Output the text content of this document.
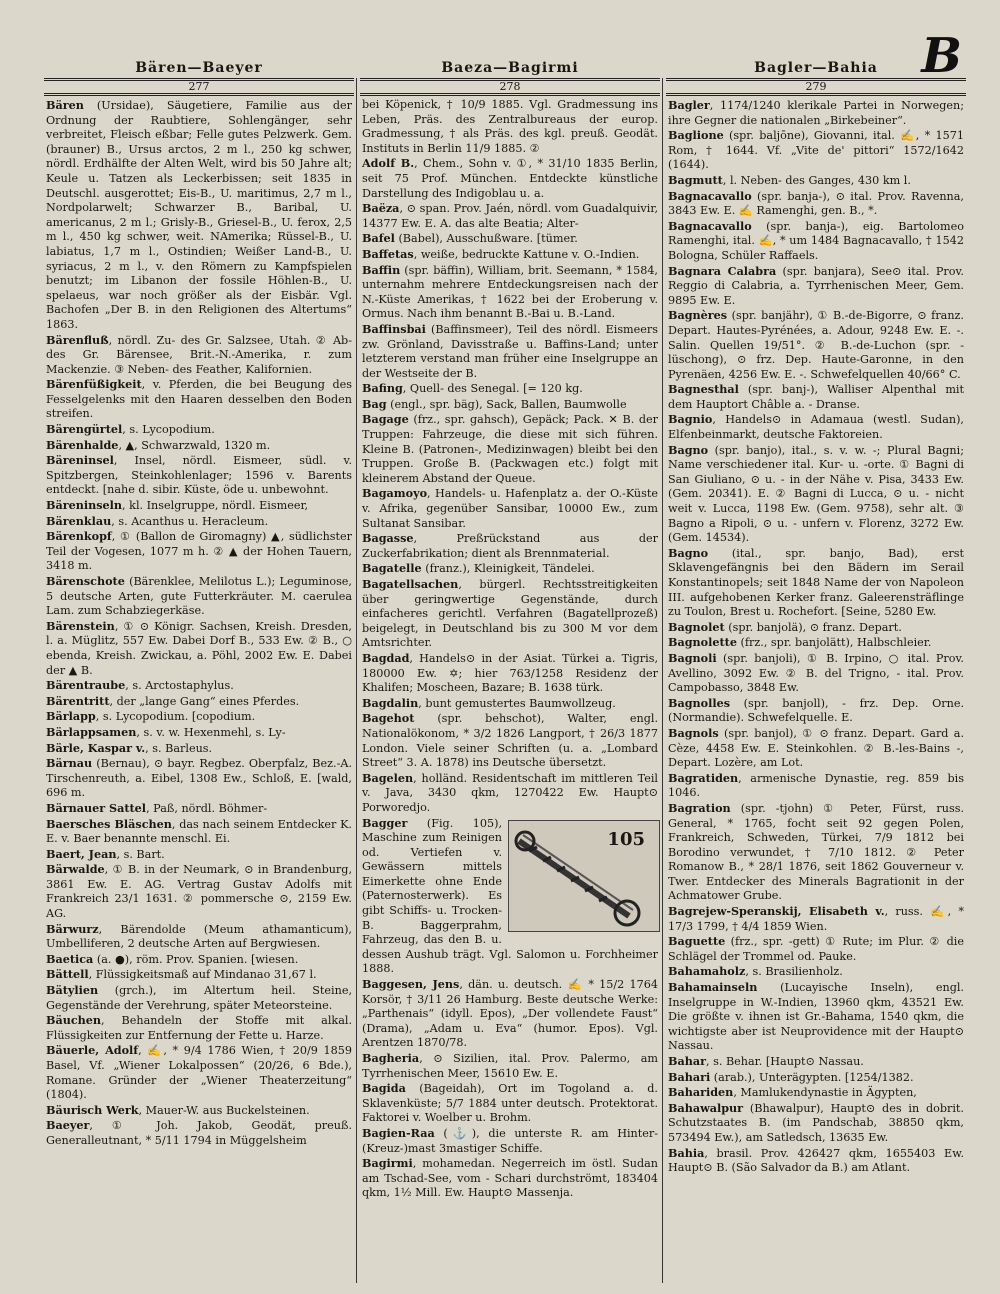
B
Bären—Baeyer
277

Bären (Ursidae), Säugetiere, Familie aus der Ordnung der Raubtiere, Sohlengänger, sehr verbreitet, Fleisch eßbar; Felle gutes Pelzwerk. Gem. (brauner) B., Ursus arctos, 2 m l., 250 kg schwer, nördl. Erdhälfte der Alten Welt, wird bis 50 Jahre alt; Keule u. Tatzen als Leckerbissen; seit 1835 in Deutschl. ausgerottet; Eis-B., U. maritimus, 2,7 m l., Nordpolarwelt; Schwarzer B., Baribal, U. americanus, 2 m l.; Grisly-B., Griesel-B., U. ferox, 2,5 m l., 450 kg schwer, weit. NAmerika; Rüssel-B., U. labiatus, 1,7 m l., Ostindien; Weißer Land-B., U. syriacus, 2 m l., v. den Römern zu Kampfspielen benutzt; im Libanon der fossile Höhlen-B., U. spelaeus, war noch größer als der Eisbär. Vgl. Bachofen „Der B. in den Religionen des Altertums“ 1863.

Bärenfluß, nördl. Zu- des Gr. Salzsee, Utah. ② Ab- des Gr. Bärensee, Brit.-N.-Amerika, r. zum Mackenzie. ③ Neben- des Feather, Kalifornien.

Bärenfüßigkeit, v. Pferden, die bei Beugung des Fesselgelenks mit den Haaren desselben den Boden streifen.

Bärengürtel, s. Lycopodium.

Bärenhalde, ▲, Schwarzwald, 1320 m.

Bäreninsel, Insel, nördl. Eismeer, südl. v. Spitzbergen, Steinkohlenlager; 1596 v. Barents entdeckt. [nahe d. sibir. Küste, öde u. unbewohnt.

Bäreninseln, kl. Inselgruppe, nördl. Eismeer,

Bärenklau, s. Acanthus u. Heracleum.

Bärenkopf, ① (Ballon de Giromagny) ▲, südlichster Teil der Vogesen, 1077 m h. ② ▲ der Hohen Tauern, 3418 m.

Bärenschote (Bärenklee, Melilotus L.); Leguminose, 5 deutsche Arten, gute Futterkräuter. M. caerulea Lam. zum Schabziegerkäse.

Bärenstein, ① ⊙ Königr. Sachsen, Kreish. Dresden, l. a. Müglitz, 557 Ew. Dabei Dorf B., 533 Ew. ② B., ○ ebenda, Kreish. Zwickau, a. Pöhl, 2002 Ew. E. Dabei der ▲ B.

Bärentraube, s. Arctostaphylus.

Bärentritt, der „lange Gang“ eines Pferdes.

Bärlapp, s. Lycopodium. [copodium.

Bärlappsamen, s. v. w. Hexenmehl, s. Ly-

Bärle, Kaspar v., s. Barleus.

Bärnau (Bernau), ⊙ bayr. Regbez. Oberpfalz, Bez.-A. Tirschenreuth, a. Eibel, 1308 Ew., Schloß, E. [wald, 696 m.

Bärnauer Sattel, Paß, nördl. Böhmer-

Baersches Bläschen, das nach seinem Entdecker K. E. v. Baer benannte menschl. Ei.

Baert, Jean, s. Bart.

Bärwalde, ① B. in der Neumark, ⊙ in Brandenburg, 3861 Ew. E. AG. Vertrag Gustav Adolfs mit Frankreich 23/1 1631. ② pommersche ⊙, 2159 Ew. AG.

Bärwurz, Bärendolde (Meum athamanticum), Umbelliferen, 2 deutsche Arten auf Bergwiesen.

Baetica (a. ●), röm. Prov. Spanien. [wiesen.

Bättell, Flüssigkeitsmaß auf Mindanao 31,67 l.

Bätylien (grch.), im Altertum heil. Steine, Gegenstände der Verehrung, später Meteorsteine.

Bäuchen, Behandeln der Stoffe mit alkal. Flüssigkeiten zur Entfernung der Fette u. Harze.

Bäuerle, Adolf, ✍, * 9/4 1786 Wien, † 20/9 1859 Basel, Vf. „Wiener Lokalpossen“ (20/26, 6 Bde.), Romane. Gründer der „Wiener Theaterzeitung“ (1804).

Bäurisch Werk, Mauer-W. aus Buckelsteinen.

Baeyer, ① Joh. Jakob, Geodät, preuß. Generalleutnant, * 5/11 1794 in Müggelsheim

Baeza—Bagirmi
278

bei Köpenick, † 10/9 1885. Vgl. Gradmessung ins Leben, Präs. des Zentralbureaus der europ. Gradmessung, † als Präs. des kgl. preuß. Geodät. Instituts in Berlin 11/9 1885. ②

Adolf B., Chem., Sohn v. ①, * 31/10 1835 Berlin, seit 75 Prof. München. Entdeckte künstliche Darstellung des Indigoblau u. a.

Baëza, ⊙ span. Prov. Jaén, nördl. vom Guadalquivir, 14377 Ew. E. A. das alte Beatia; Alter-

Bafel (Babel), Ausschußware. [tümer.

Baffetas, weiße, bedruckte Kattune v. O.-Indien.

Baffin (spr. bäffin), William, brit. Seemann, * 1584, unternahm mehrere Entdeckungsreisen nach der N.-Küste Amerikas, † 1622 bei der Eroberung v. Ormus. Nach ihm benannt B.-Bai u. B.-Land.

Baffinsbai (Baffinsmeer), Teil des nördl. Eismeers zw. Grönland, Davisstraße u. Baffins-Land; unter letzterem verstand man früher eine Inselgruppe an der Westseite der B.

Bafing, Quell- des Senegal. [= 120 kg.

Bag (engl., spr. bäg), Sack, Ballen, Baumwolle

Bagage (frz., spr. gahsch), Gepäck; Pack. ✕ B. der Truppen: Fahrzeuge, die diese mit sich führen. Kleine B. (Patronen-, Medizinwagen) bleibt bei den Truppen. Große B. (Packwagen etc.) folgt mit kleinerem Abstand der Queue.

Bagamoyo, Handels- u. Hafenplatz a. der O.-Küste v. Afrika, gegenüber Sansibar, 10000 Ew., zum Sultanat Sansibar.

Bagasse, Preßrückstand aus der Zuckerfabrikation; dient als Brennmaterial.

Bagatelle (franz.), Kleinigkeit, Tändelei.

Bagatellsachen, bürgerl. Rechtsstreitigkeiten über geringwertige Gegenstände, durch einfacheres gerichtl. Verfahren (Bagatellprozeß) beigelegt, in Deutschland bis zu 300 M vor dem Amtsrichter.

Bagdad, Handels⊙ in der Asiat. Türkei a. Tigris, 180000 Ew. ✡; hier 763/1258 Residenz der Khalifen; Moscheen, Bazare; B. 1638 türk.

Bagdalin, bunt gemustertes Baumwollzeug.

Bagehot (spr. behschot), Walter, engl. Nationalökonom, * 3/2 1826 Langport, † 26/3 1877 London. Viele seiner Schriften (u. a. „Lombard Street“ 3. A. 1878) ins Deutsche übersetzt.

Bagelen, holländ. Residentschaft im mittleren Teil v. Java, 3430 qkm, 1270422 Ew. Haupt⊙ Porworedjo.

105

Bagger (Fig. 105), Maschine zum Reinigen od. Vertiefen v. Gewässern mittels Eimerkette ohne Ende (Paternosterwerk). Es gibt Schiffs- u. Trocken-B. Baggerprahm, Fahrzeug, das den B. u. dessen Aushub trägt. Vgl. Salomon u. Forchheimer 1888.

Baggesen, Jens, dän. u. deutsch. ✍ * 15/2 1764 Korsör, † 3/11 26 Hamburg. Beste deutsche Werke: „Parthenais“ (idyll. Epos), „Der vollendete Faust“ (Drama), „Adam u. Eva“ (humor. Epos). Vgl. Arentzen 1870/78.

Bagheria, ⊙ Sizilien, ital. Prov. Palermo, am Tyrrhenischen Meer, 15610 Ew. E.

Bagida (Bageidah), Ort im Togoland a. d. Sklavenküste; 5/7 1884 unter deutsch. Protektorat. Faktorei v. Woelber u. Brohm.

Bagien-Raa (⚓), die unterste R. am Hinter- (Kreuz-)mast 3mastiger Schiffe.

Bagirmi, mohamedan. Negerreich im östl. Sudan am Tschad-See, vom - Schari durchströmt, 183404 qkm, 1½ Mill. Ew. Haupt⊙ Massenja.

Bagler—Bahia
279

Bagler, 1174/1240 klerikale Partei in Norwegen; ihre Gegner die nationalen „Birkebeiner“.

Baglione (spr. baljōne), Giovanni, ital. ✍, * 1571 Rom, † 1644. Vf. „Vite de' pittori“ 1572/1642 (1644).

Bagmutt, l. Neben- des Ganges, 430 km l.

Bagnacavallo (spr. banja-), ⊙ ital. Prov. Ravenna, 3843 Ew. E. ✍ Ramenghi, gen. B., *.

Bagnacavallo (spr. banja-), eig. Bartolomeo Ramenghi, ital. ✍, * um 1484 Bagnacavallo, † 1542 Bologna, Schüler Raffaels.

Bagnara Calabra (spr. banjara), See⊙ ital. Prov. Reggio di Calabria, a. Tyrrhenischen Meer, Gem. 9895 Ew. E.

Bagnères (spr. banjähr), ① B.-de-Bigorre, ⊙ franz. Depart. Hautes-Pyrénées, a. Adour, 9248 Ew. E. -. Salin. Quellen 19/51°. ② B.-de-Luchon (spr. -lüschong), ⊙ frz. Dep. Haute-Garonne, in den Pyrenäen, 4256 Ew. E. -. Schwefelquellen 40/66° C.

Bagnesthal (spr. banj-), Walliser Alpenthal mit dem Hauptort Châble a. - Dranse.

Bagnio, Handels⊙ in Adamaua (westl. Sudan), Elfenbeinmarkt, deutsche Faktoreien.

Bagno (spr. banjo), ital., s. v. w. -; Plural Bagni; Name verschiedener ital. Kur- u. -orte. ① Bagni di San Giuliano, ⊙ u. - in der Nähe v. Pisa, 3433 Ew. (Gem. 20341). E. ② Bagni di Lucca, ⊙ u. - nicht weit v. Lucca, 1198 Ew. (Gem. 9758), sehr alt. ③ Bagno a Ripoli, ⊙ u. - unfern v. Florenz, 3272 Ew. (Gem. 14534).

Bagno (ital., spr. banjo, Bad), erst Sklavengefängnis bei den Bädern im Serail Konstantinopels; seit 1848 Name der von Napoleon III. aufgehobenen Kerker franz. Galeerensträflinge zu Toulon, Brest u. Rochefort. [Seine, 5280 Ew.

Bagnolet (spr. banjolä), ⊙ franz. Depart.

Bagnolette (frz., spr. banjolätt), Halbschleier.

Bagnoli (spr. banjoli), ① B. Irpino, ○ ital. Prov. Avellino, 3092 Ew. ② B. del Trigno, - ital. Prov. Campobasso, 3848 Ew.

Bagnolles (spr. banjoll), - frz. Dep. Orne. (Normandie). Schwefelquelle. E.

Bagnols (spr. banjol), ① ⊙ franz. Depart. Gard a. Cèze, 4458 Ew. E. Steinkohlen. ② B.-les-Bains -, Depart. Lozère, am Lot.

Bagratiden, armenische Dynastie, reg. 859 bis 1046.

Bagration (spr. -tjohn) ① Peter, Fürst, russ. General, * 1765, focht seit 92 gegen Polen, Frankreich, Schweden, Türkei, 7/9 1812 bei Borodino verwundet, † 7/10 1812. ② Peter Romanow B., * 28/1 1876, seit 1862 Gouverneur v. Twer. Entdecker des Minerals Bagrationit in der Achmatower Grube.

Bagrejew-Speranskij, Elisabeth v., russ. ✍, * 17/3 1799, † 4/4 1859 Wien.

Baguette (frz., spr. -gett) ① Rute; im Plur. ② die Schlägel der Trommel od. Pauke.

Bahamaholz, s. Brasilienholz.

Bahamainseln (Lucayische Inseln), engl. Inselgruppe in W.-Indien, 13960 qkm, 43521 Ew. Die größte v. ihnen ist Gr.-Bahama, 1540 qkm, die wichtigste aber ist Neuprovidence mit der Haupt⊙ Nassau.

Bahar, s. Behar. [Haupt⊙ Nassau.

Bahari (arab.), Unterägypten. [1254/1382.

Bahariden, Mamlukendynastie in Ägypten,

Bahawalpur (Bhawalpur), Haupt⊙ des in dobrit. Schutzstaates B. (im Pandschab, 38850 qkm, 573494 Ew.), am Satledsch, 13635 Ew.

Bahia, brasil. Prov. 426427 qkm, 1655403 Ew. Haupt⊙ B. (São Salvador da B.) am Atlant.
